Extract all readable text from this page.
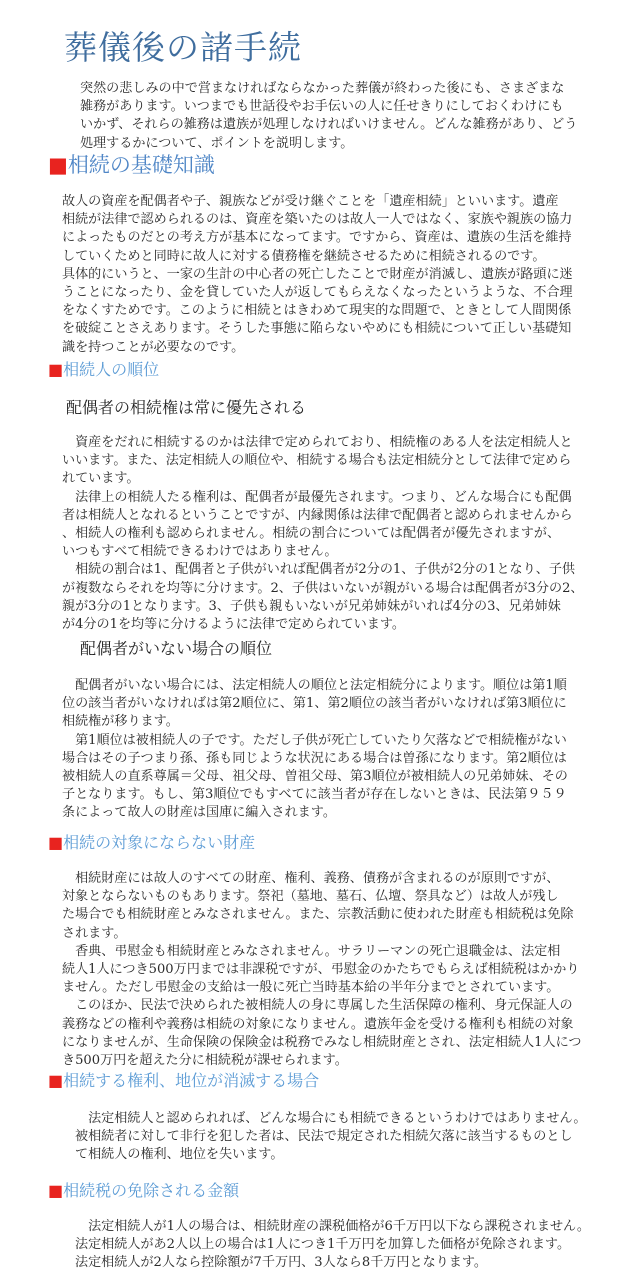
葬儀後の諸手続
突然の悲しみの中で営まなければならなかった葬儀が終わった後にも、さまざまな
雑務があります。いつまでも世話役やお手伝いの人に任せきりにしておくわけにも
いかず、それらの雑務は遺族が処理しなければいけません。どんな雑務があり、どう
処理するかについて、ポイントを説明します。
■相続の基礎知識
故人の資産を配偶者や子、親族などが受け継ぐことを「遺産相続」といいます。遺産
相続が法律で認められるのは、資産を築いたのは故人一人ではなく、家族や親族の協力
によったものだとの考え方が基本になってます。ですから、資産は、遺族の生活を維持
していくためと同時に故人に対する債務権を継続させるために相続されるのです。
具体的にいうと、一家の生計の中心者の死亡したことで財産が消滅し、遺族が路頭に迷
うことになったり、金を貸していた人が返してもらえなくなったというような、不合理
をなくすためです。このように相続とはきわめて現実的な問題で、ときとして人間関係
を破綻ことさえあります。そうした事態に陥らないやめにも相続について正しい基礎知
識を持つことが必要なのです。
■相続人の順位
配偶者の相続権は常に優先される
　資産をだれに相続するのかは法律で定められており、相続権のある人を法定相続人と
いいます。また、法定相続人の順位や、相続する場合も法定相続分として法律で定めら
れています。
　法律上の相続人たる権利は、配偶者が最優先されます。つまり、どんな場合にも配偶
者は相続人となれるということですが、内縁関係は法律で配偶者と認められませんから
、相続人の権利も認められません。相続の割合については配偶者が優先されますが、
いつもすべて相続できるわけではありません。
　相続の割合は1、配偶者と子供がいれば配偶者が2分の1、子供が2分の1となり、子供
が複数ならそれを均等に分けます。2、子供はいないが親がいる場合は配偶者が3分の2、
親が3分の1となります。3、子供も親もいないが兄弟姉妹がいれば4分の3、兄弟姉妹
が4分の1を均等に分けるように法律で定められています。
配偶者がいない場合の順位
　配偶者がいない場合には、法定相続人の順位と法定相続分によります。順位は第1順
位の該当者がいなければは第2順位に、第1、第2順位の該当者がいなければ第3順位に
相続権が移ります。
　第1順位は被相続人の子です。ただし子供が死亡していたり欠落などで相続権がない
場合はその子つまり孫、孫も同じような状況にある場合は曽孫になります。第2順位は
被相続人の直系尊属＝父母、祖父母、曽祖父母、第3順位が被相続人の兄弟姉妹、その
子となります。もし、第3順位でもすべてに該当者が存在しないときは、民法第９５９
条によって故人の財産は国庫に編入されます。
■相続の対象にならない財産
　相続財産には故人のすべての財産、権利、義務、債務が含まれるのが原則ですが、
対象とならないものもあります。祭祀（墓地、墓石、仏壇、祭具など）は故人が残し
た場合でも相続財産とみなされません。また、宗教活動に使われた財産も相続税は免除
されます。
　香典、弔慰金も相続財産とみなされません。サラリーマンの死亡退職金は、法定相
続人1人につき500万円までは非課税ですが、弔慰金のかたちでもらえば相続税はかかり
ません。ただし弔慰金の支給は一般に死亡当時基本給の半年分までとされています。
　このほか、民法で決められた被相続人の身に専属した生活保障の権利、身元保証人の
義務などの権利や義務は相続の対象になりません。遺族年金を受ける権利も相続の対象
になりませんが、生命保険の保険金は税務でみなし相続財産とされ、法定相続人1人につ
き500万円を超えた分に相続税が課せられます。
■相続する権利、地位が消滅する場合
　法定相続人と認められれば、どんな場合にも相続できるというわけではありません。
被相続者に対して非行を犯した者は、民法で規定された相続欠落に該当するものとし
て相続人の権利、地位を失います。
■相続税の免除される金額
　法定相続人が1人の場合は、相続財産の課税価格が6千万円以下なら課税されません。
法定相続人があ2人以上の場合は1人につき1千万円を加算した価格が免除されます。
法定相続人が2人なら控除額が7千万円、3人なら8千万円となります。
